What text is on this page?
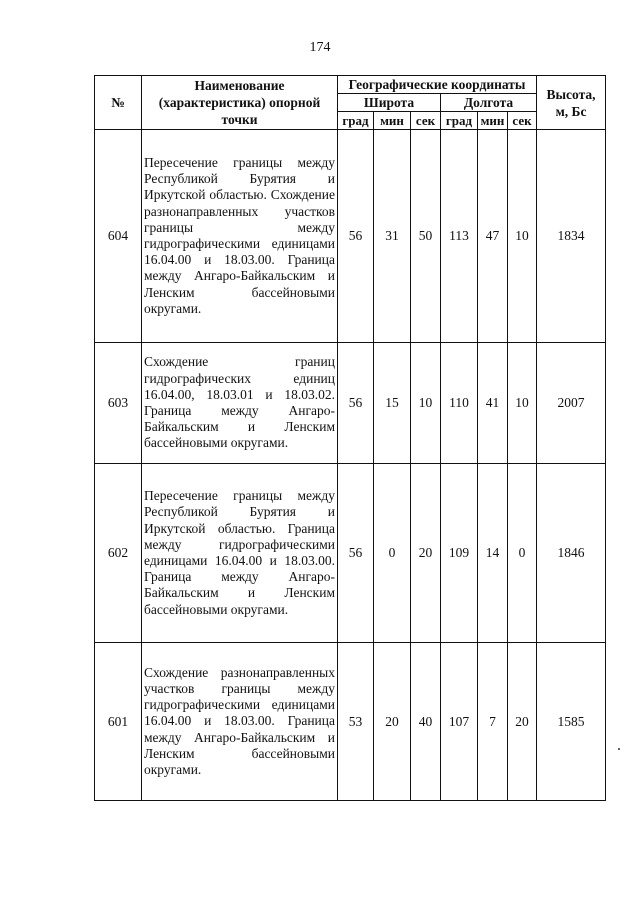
174
№	Наименование (характеристика) опорной точки	Географические координаты						Высота, м, Бс
		Широта			Долгота			
		град	мин	сек	град	мин	сек	
604	Пересечение границы между Республикой Бурятия и Иркутской областью. Схождение разнонаправленных участков границы между гидрографическими единицами 16.04.00 и 18.03.00. Граница между Ангаро-Байкальским и Ленским бассейновыми округами.	56	31	50	113	47	10	1834
603	Схождение границ гидрографических единиц 16.04.00, 18.03.01 и 18.03.02. Граница между Ангаро-Байкальским и Ленским бассейновыми округами.	56	15	10	110	41	10	2007
602	Пересечение границы между Республикой Бурятия и Иркутской областью. Граница между гидрографическими единицами 16.04.00 и 18.03.00. Граница между Ангаро-Байкальским и Ленским бассейновыми округами.	56	0	20	109	14	0	1846
601	Схождение разнонаправленных участков границы между гидрографическими единицами 16.04.00 и 18.03.00. Граница между Ангаро-Байкальским и Ленским бассейновыми округами.	53	20	40	107	7	20	1585
